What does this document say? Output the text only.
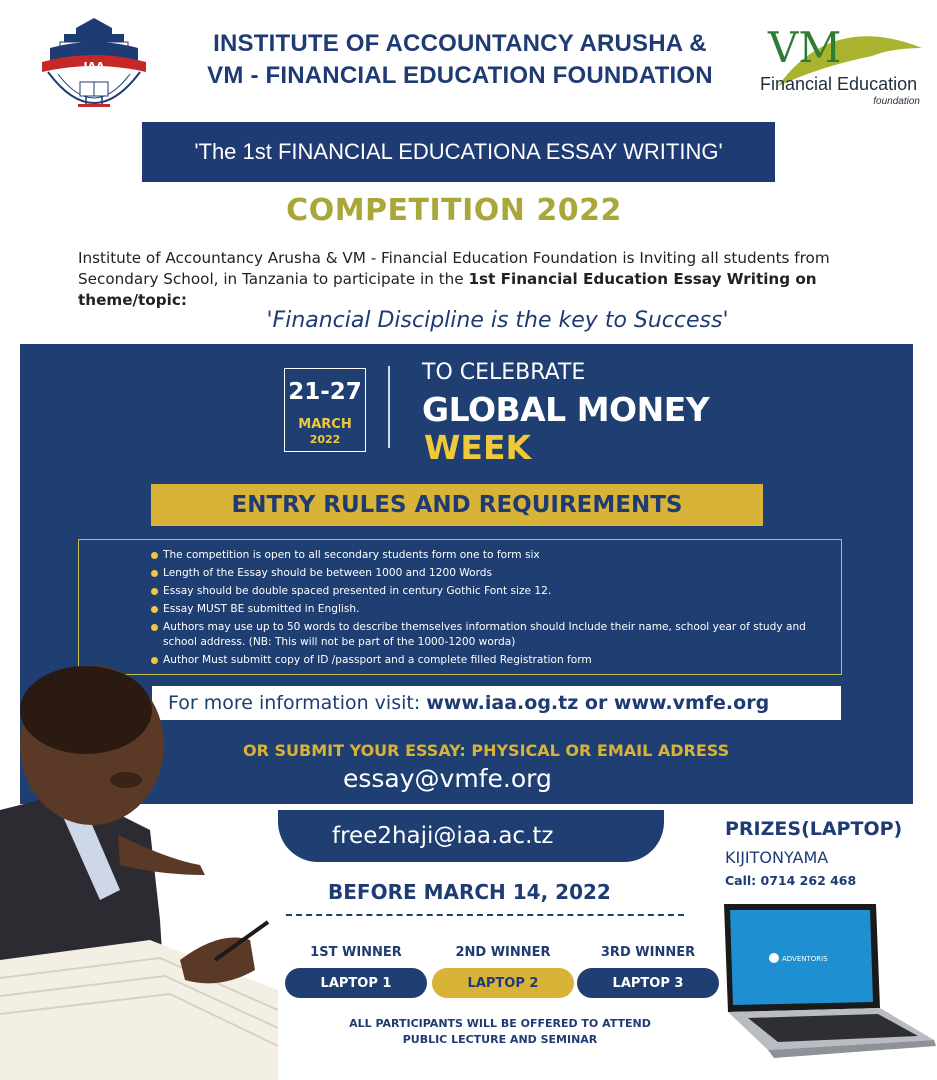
IAA
INSTITUTE OF ACCOUNTANCY ARUSHA &
VM - FINANCIAL EDUCATION FOUNDATION
VM
Financial Education
foundation
'The 1st FINANCIAL EDUCATIONA ESSAY WRITING'
COMPETITION 2022
Institute of Accountancy Arusha & VM - Financial Education Foundation is Inviting all students from Secondary School, in Tanzania to participate in the 1st Financial Education Essay Writing on theme/topic:
'Financial Discipline is the key to Success'
21-27
MARCH
2022
TO CELEBRATE
GLOBAL MONEY
WEEK
ENTRY RULES AND REQUIREMENTS
The competition is open to all secondary students form one to form six
Length of the Essay should be between 1000 and 1200 Words
Essay should be double spaced presented in century Gothic Font size 12.
Essay MUST BE submitted in English.
Authors may use up to 50 words to describe themselves information should Include their name, school year of study and school address. (NB: This will not be part of the 1000-1200 worda)
Author Must submitt copy of ID /passport and a complete filled Registration form
For more information visit: www.iaa.og.tz or www.vmfe.org
OR SUBMIT YOUR ESSAY: PHYSICAL OR EMAIL ADRESS
essay@vmfe.org
free2haji@iaa.ac.tz	PRIZES(LAPTOP)
KIJITONYAMA
Call: 0714 262 468
BEFORE MARCH 14, 2022
1ST WINNER	2ND WINNER	3RD WINNER
LAPTOP 1	LAPTOP 2	LAPTOP 3
ALL PARTICIPANTS WILL BE OFFERED TO ATTEND
PUBLIC LECTURE AND SEMINAR
ADVENTORIS
